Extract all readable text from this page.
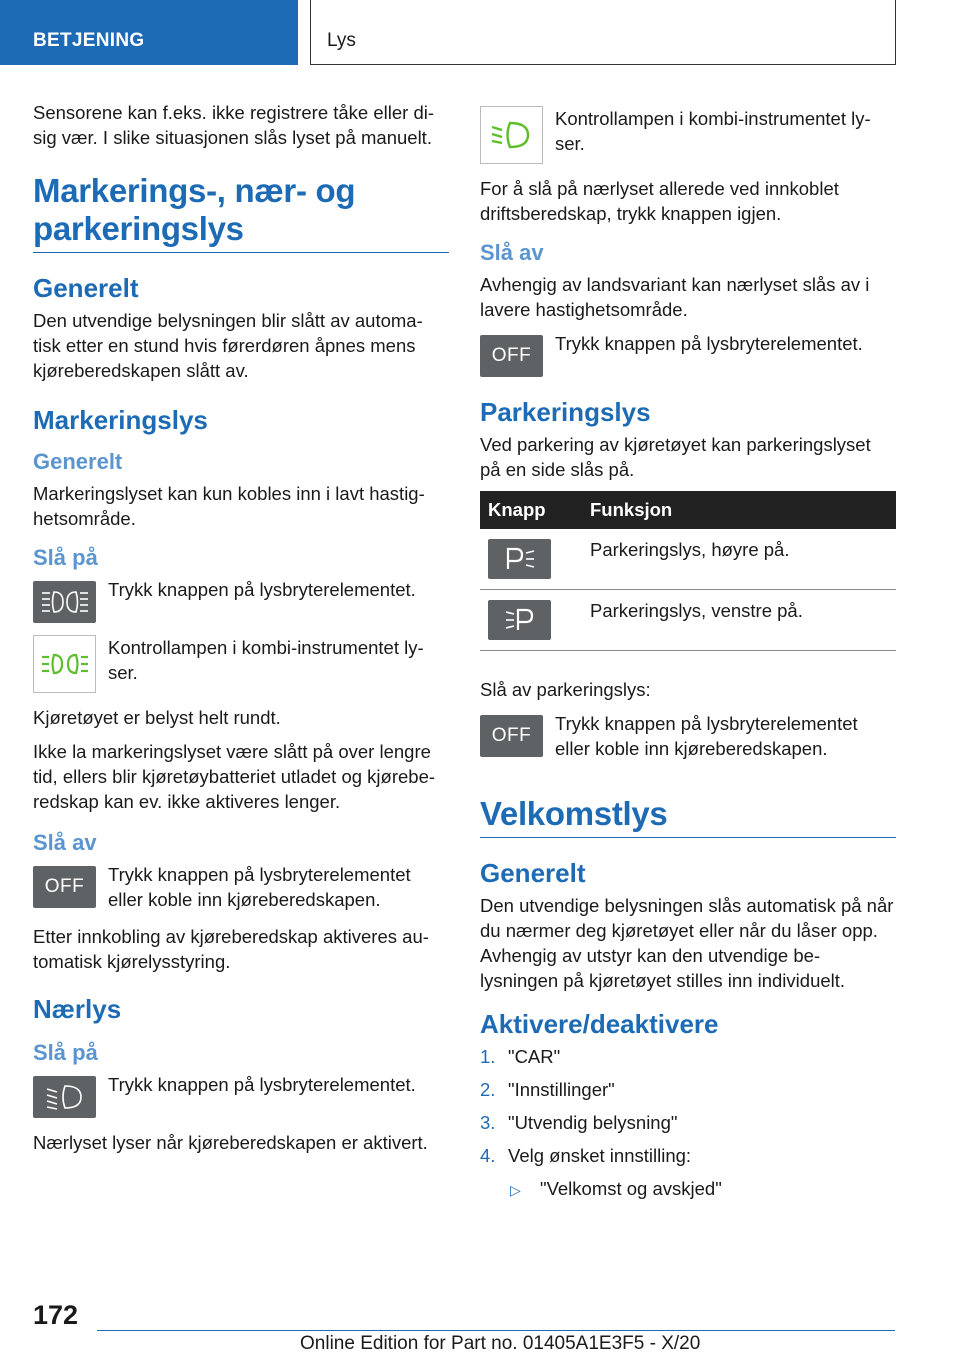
BETJENING	Lys

Sensorene kan f.eks. ikke registrere tåke eller di-sig vær. I slike situasjonen slås lyset på manuelt.

Markerings-, nær- og parkeringslys
Generelt

Den utvendige belysningen blir slått av automa-tisk etter en stund hvis førerdøren åpnes mens kjøreberedskapen slått av.

Markeringslys
Generelt

Markeringslyset kan kun kobles inn i lavt hastig-hetsområde.

Slå på
Trykk knappen på lysbryterelementet.
Kontrollampen i kombi-instrumentet ly-ser.

Kjøretøyet er belyst helt rundt.

Ikke la markeringslyset være slått på over lengre tid, ellers blir kjøretøybatteriet utladet og kjørebe-redskap kan ev. ikke aktiveres lenger.

Slå av
OFF
Trykk knappen på lysbryterelementet eller koble inn kjøreberedskapen.

Etter innkobling av kjøreberedskap aktiveres au-tomatisk kjørelysstyring.

Nærlys
Slå på
Trykk knappen på lysbryterelementet.

Nærlyset lyser når kjøreberedskapen er aktivert.

Kontrollampen i kombi-instrumentet ly-ser.

For å slå på nærlyset allerede ved innkoblet driftsberedskap, trykk knappen igjen.

Slå av

Avhengig av landsvariant kan nærlyset slås av i lavere hastighetsområde.

OFF
Trykk knappen på lysbryterelementet.
Parkeringslys

Ved parkering av kjøretøyet kan parkeringslyset på en side slås på.

Knapp	Funksjon

	Parkeringslys, høyre på.

	Parkeringslys, venstre på.

Slå av parkeringslys:

OFF
Trykk knappen på lysbryterelementet eller koble inn kjøreberedskapen.
Velkomstlys
Generelt

Den utvendige belysningen slås automatisk på når du nærmer deg kjøretøyet eller når du låser opp. Avhengig av utstyr kan den utvendige be-lysningen på kjøretøyet stilles inn individuelt.

Aktivere/deaktivere
1. "CAR"
2. "Innstillinger"
3. "Utvendig belysning"
4. Velg ønsket innstilling:
▷	"Velkomst og avskjed"
172
Online Edition for Part no. 01405A1E3F5 - X/20
